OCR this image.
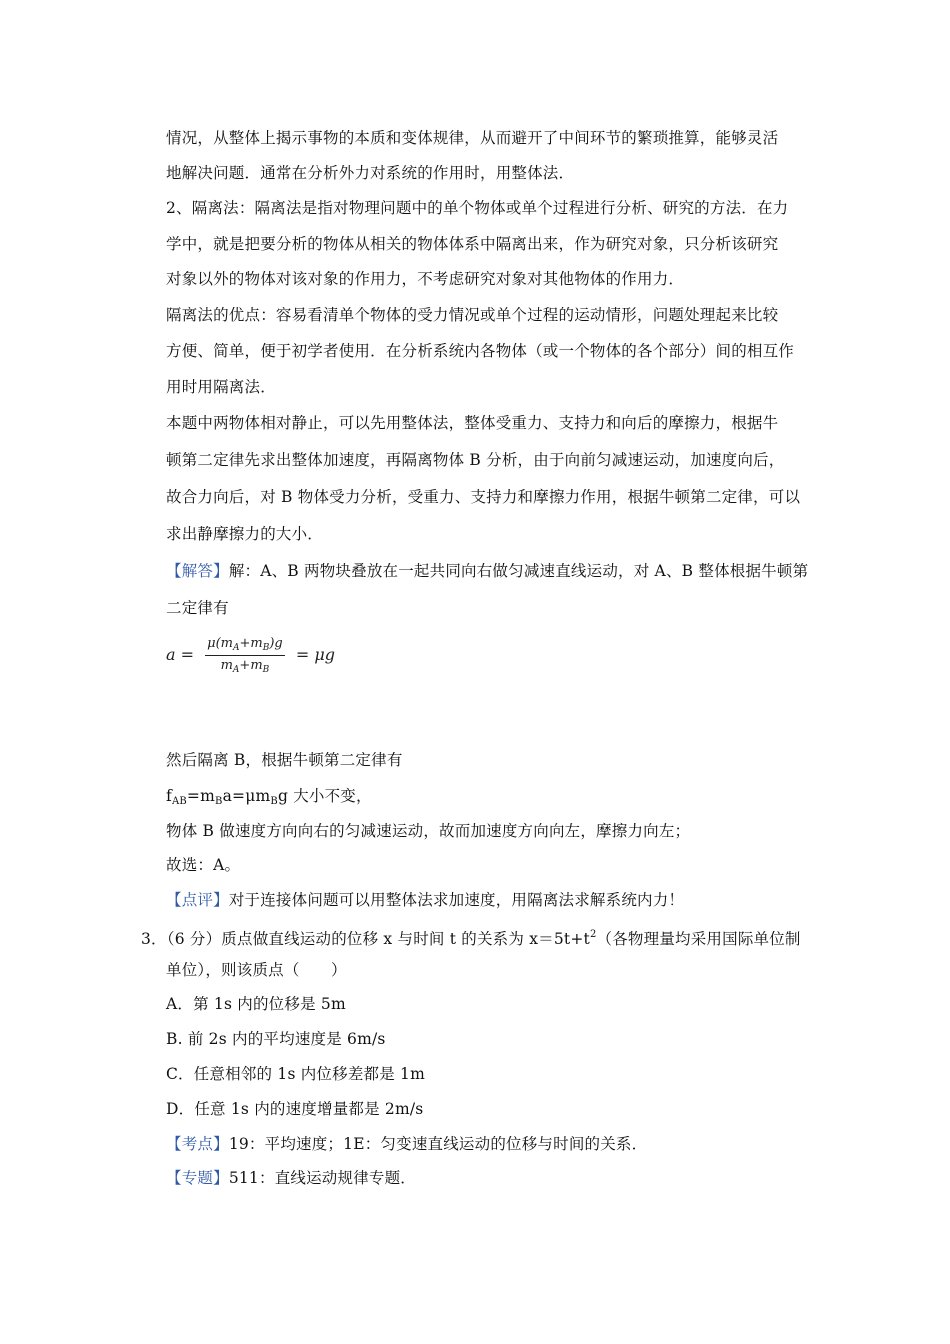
情况，从整体上揭示事物的本质和变体规律，从而避开了中间环节的繁琐推算，能够灵活
地解决问题．通常在分析外力对系统的作用时，用整体法．
2、隔离法：隔离法是指对物理问题中的单个物体或单个过程进行分析、研究的方法．在力
学中，就是把要分析的物体从相关的物体体系中隔离出来，作为研究对象，只分析该研究
对象以外的物体对该对象的作用力，不考虑研究对象对其他物体的作用力．
隔离法的优点：容易看清单个物体的受力情况或单个过程的运动情形，问题处理起来比较
方便、简单，便于初学者使用．在分析系统内各物体（或一个物体的各个部分）间的相互作
用时用隔离法．
本题中两物体相对静止，可以先用整体法，整体受重力、支持力和向后的摩擦力，根据牛
顿第二定律先求出整体加速度，再隔离物体 B 分析，由于向前匀减速运动，加速度向后，
故合力向后，对 B 物体受力分析，受重力、支持力和摩擦力作用，根据牛顿第二定律，可以
求出静摩擦力的大小．
【解答】解：A、B 两物块叠放在一起共同向右做匀减速直线运动，对 A、B 整体根据牛顿第
二定律有
$a = \frac{\mu(m_A+m_B)g}{m_A+m_B} = \mu g$
然后隔离 B，根据牛顿第二定律有
$f_{AB}=m_Ba=\mu m_Bg$ 大小不变，
物体 B 做速度方向向右的匀减速运动，故而加速度方向向左，摩擦力向左；
故选：A。
【点评】对于连接体问题可以用整体法求加速度，用隔离法求解系统内力！
3．（6 分）质点做直线运动的位移 x 与时间 t 的关系为 $x=5t+t^2$（各物理量均采用国际单位制
单位），则该质点（　　）
A．第 1s 内的位移是 5m
B. 前 2s 内的平均速度是 6m/s
C．任意相邻的 1s 内位移差都是 1m
D．任意 1s 内的速度增量都是 2m/s
【考点】19：平均速度；1E：匀变速直线运动的位移与时间的关系．
【专题】511：直线运动规律专题．
